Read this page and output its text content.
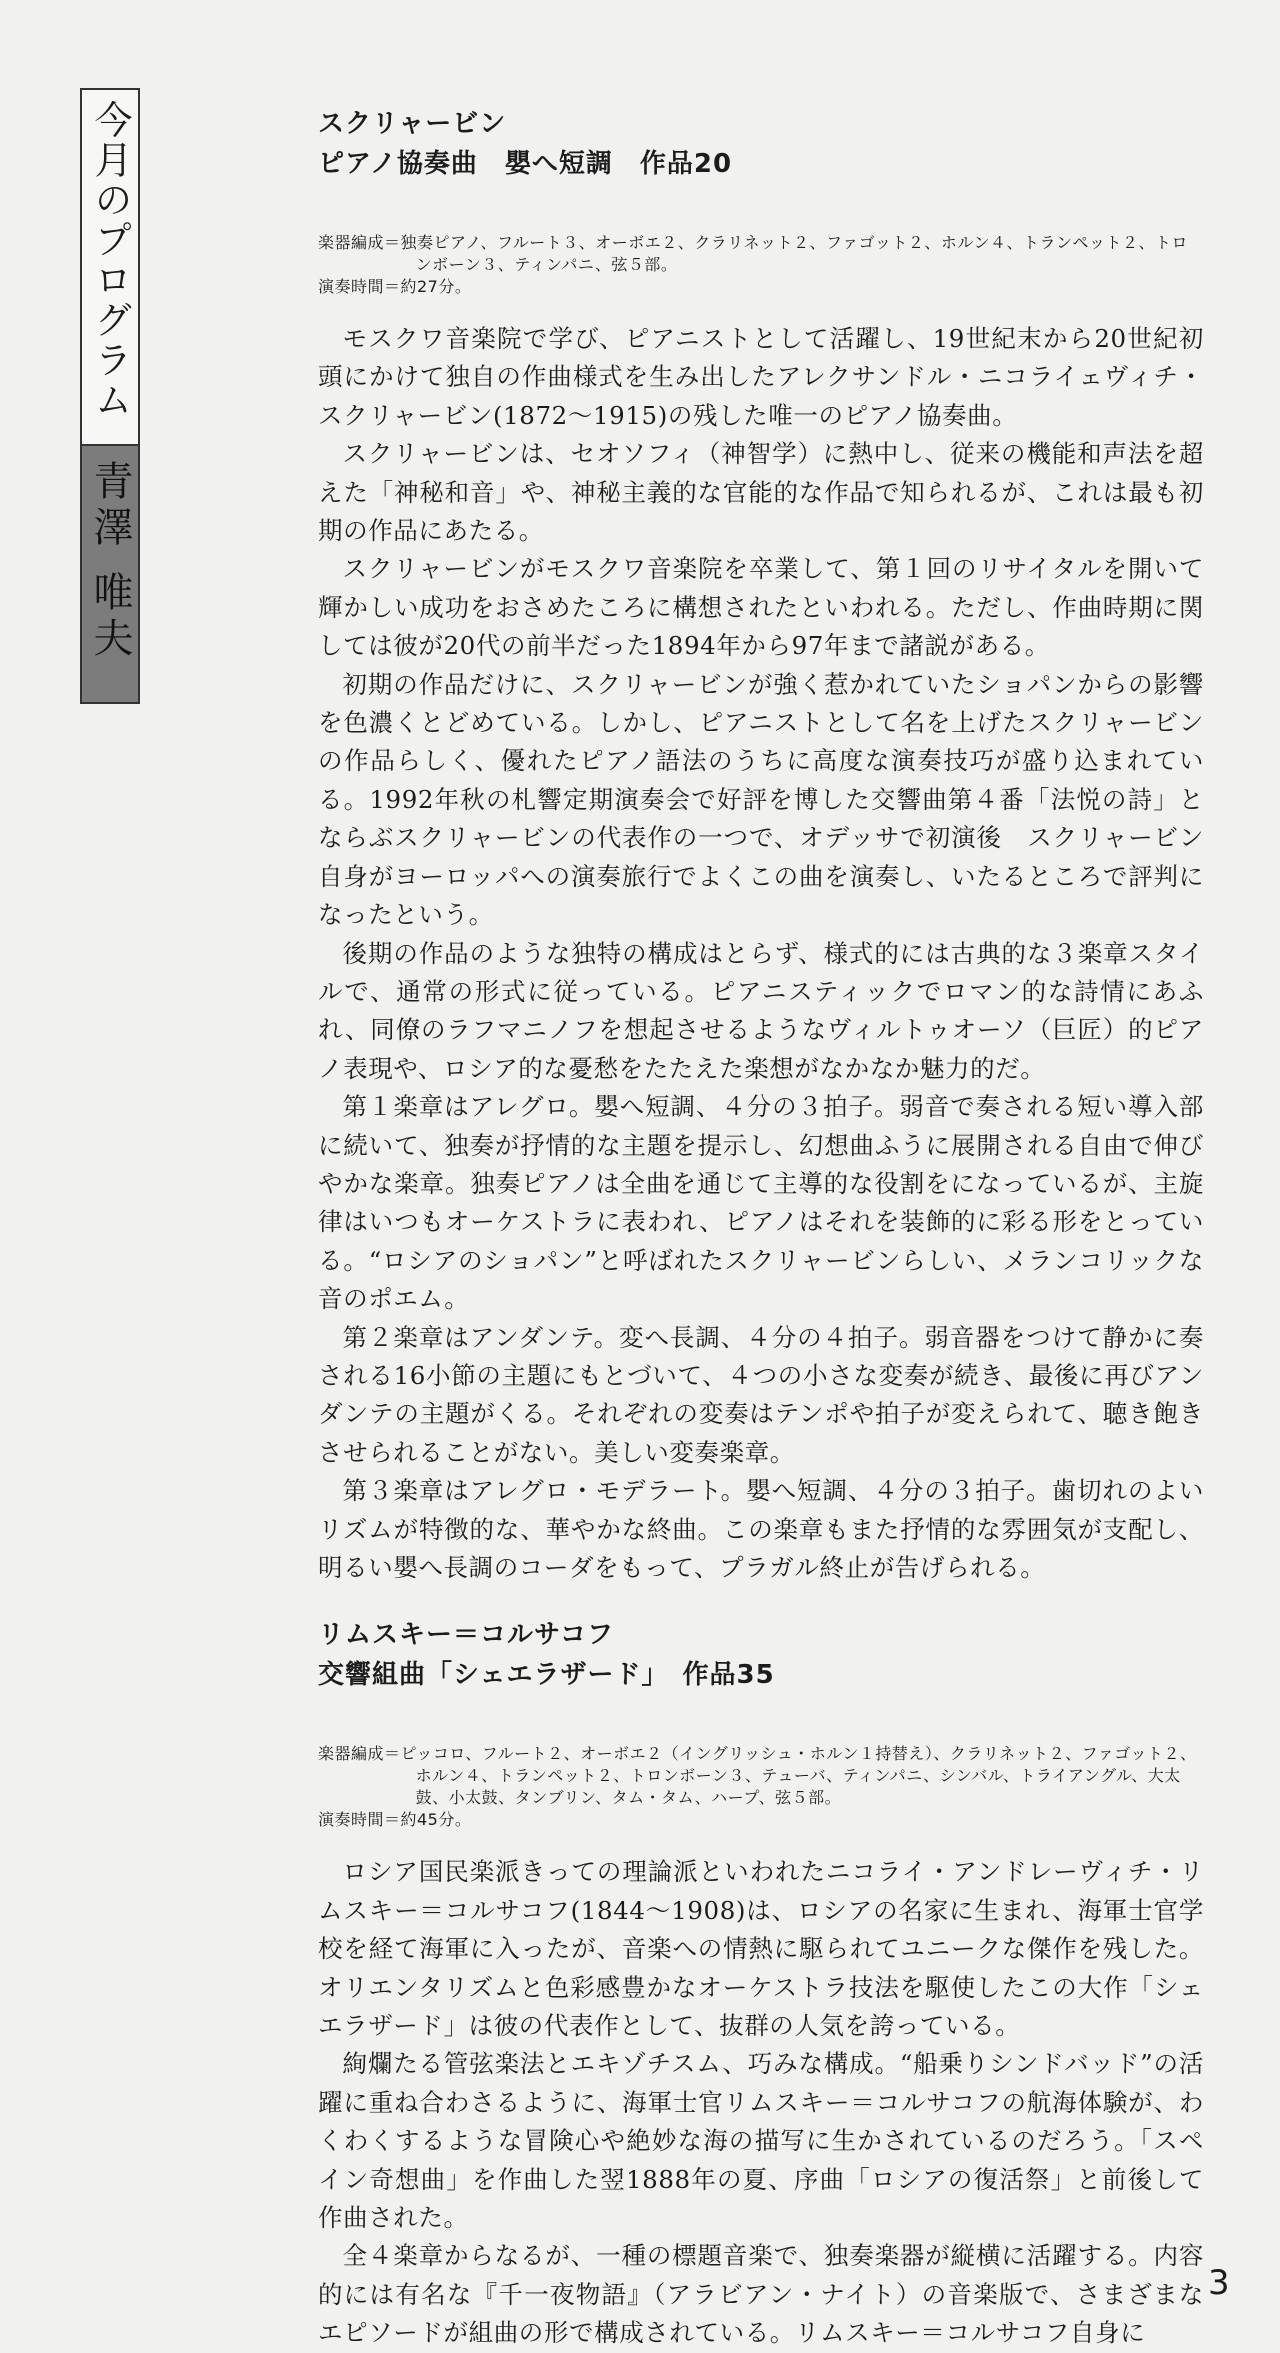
今月のプログラム
青澤 唯夫
スクリャービン
ピアノ協奏曲　嬰へ短調　作品20
楽器編成＝独奏ピアノ、フルート３、オーボエ２、クラリネット２、ファゴット２、ホルン４、トランペット２、トロンボーン３、ティンパニ、弦５部。
演奏時間＝約27分。

モスクワ音楽院で学び、ピアニストとして活躍し、19世紀末から20世紀初頭にかけて独自の作曲様式を生み出したアレクサンドル・ニコライェヴィチ・スクリャービン(1872～1915)の残した唯一のピアノ協奏曲。

スクリャービンは、セオソフィ（神智学）に熱中し、従来の機能和声法を超えた「神秘和音」や、神秘主義的な官能的な作品で知られるが、これは最も初期の作品にあたる。

スクリャービンがモスクワ音楽院を卒業して、第１回のリサイタルを開いて輝かしい成功をおさめたころに構想されたといわれる。ただし、作曲時期に関しては彼が20代の前半だった1894年から97年まで諸説がある。

初期の作品だけに、スクリャービンが強く惹かれていたショパンからの影響を色濃くとどめている。しかし、ピアニストとして名を上げたスクリャービンの作品らしく、優れたピアノ語法のうちに高度な演奏技巧が盛り込まれている。1992年秋の札響定期演奏会で好評を博した交響曲第４番「法悦の詩」とならぶスクリャービンの代表作の一つで、オデッサで初演後　スクリャービン自身がヨーロッパへの演奏旅行でよくこの曲を演奏し、いたるところで評判になったという。

後期の作品のような独特の構成はとらず、様式的には古典的な３楽章スタイルで、通常の形式に従っている。ピアニスティックでロマン的な詩情にあふれ、同僚のラフマニノフを想起させるようなヴィルトゥオーソ（巨匠）的ピアノ表現や、ロシア的な憂愁をたたえた楽想がなかなか魅力的だ。

第１楽章はアレグロ。嬰へ短調、４分の３拍子。弱音で奏される短い導入部に続いて、独奏が抒情的な主題を提示し、幻想曲ふうに展開される自由で伸びやかな楽章。独奏ピアノは全曲を通じて主導的な役割をになっているが、主旋律はいつもオーケストラに表われ、ピアノはそれを装飾的に彩る形をとっている。“ロシアのショパン”と呼ばれたスクリャービンらしい、メランコリックな音のポエム。

第２楽章はアンダンテ。変へ長調、４分の４拍子。弱音器をつけて静かに奏される16小節の主題にもとづいて、４つの小さな変奏が続き、最後に再びアンダンテの主題がくる。それぞれの変奏はテンポや拍子が変えられて、聴き飽きさせられることがない。美しい変奏楽章。

第３楽章はアレグロ・モデラート。嬰へ短調、４分の３拍子。歯切れのよいリズムが特徴的な、華やかな終曲。この楽章もまた抒情的な雰囲気が支配し、明るい嬰へ長調のコーダをもって、プラガル終止が告げられる。

リムスキー＝コルサコフ
交響組曲「シェエラザード」　作品35
楽器編成＝ピッコロ、フルート２、オーボエ２（イングリッシュ・ホルン１持替え）、クラリネット２、ファゴット２、ホルン４、トランペット２、トロンボーン３、テューバ、ティンパニ、シンバル、トライアングル、大太鼓、小太鼓、タンブリン、タム・タム、ハープ、弦５部。
演奏時間＝約45分。

ロシア国民楽派きっての理論派といわれたニコライ・アンドレーヴィチ・リムスキー＝コルサコフ(1844～1908)は、ロシアの名家に生まれ、海軍士官学校を経て海軍に入ったが、音楽への情熱に駆られてユニークな傑作を残した。オリエンタリズムと色彩感豊かなオーケストラ技法を駆使したこの大作「シェエラザード」は彼の代表作として、抜群の人気を誇っている。

絢爛たる管弦楽法とエキゾチスム、巧みな構成。“船乗りシンドバッド”の活躍に重ね合わさるように、海軍士官リムスキー＝コルサコフの航海体験が、わくわくするような冒険心や絶妙な海の描写に生かされているのだろう。「スペイン奇想曲」を作曲した翌1888年の夏、序曲「ロシアの復活祭」と前後して作曲された。

全４楽章からなるが、一種の標題音楽で、独奏楽器が縦横に活躍する。内容的には有名な『千一夜物語』（アラビアン・ナイト）の音楽版で、さまざまなエピソードが組曲の形で構成されている。リムスキー＝コルサコフ自身に

3
